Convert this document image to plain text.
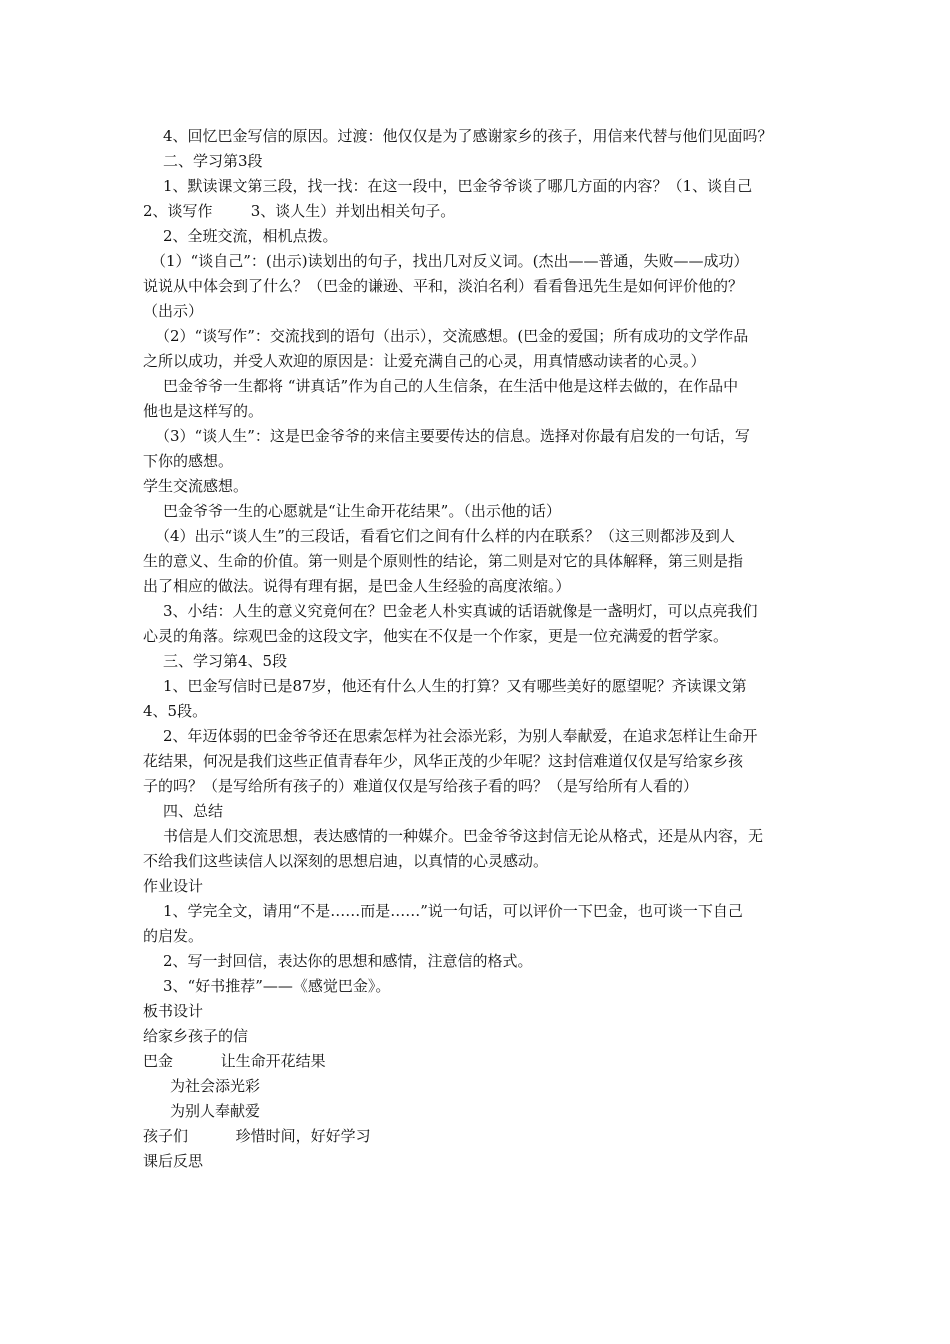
4、回忆巴金写信的原因。过渡：他仅仅是为了感谢家乡的孩子，用信来代替与他们见面吗？
二、学习第3段
1、默读课文第三段，找一找：在这一段中，巴金爷爷谈了哪几方面的内容？（1、谈自己
2、谈写作        3、谈人生）并划出相关句子。
2、全班交流，相机点拨。
（1）“谈自己”：(出示)读划出的句子，找出几对反义词。(杰出——普通，失败——成功）
说说从中体会到了什么？（巴金的谦逊、平和，淡泊名利）看看鲁迅先生是如何评价他的？
（出示）
（2）“谈写作”：交流找到的语句（出示），交流感想。(巴金的爱国；所有成功的文学作品
之所以成功，并受人欢迎的原因是：让爱充满自己的心灵，用真情感动读者的心灵。）
巴金爷爷一生都将 “讲真话”作为自己的人生信条，在生活中他是这样去做的，在作品中
他也是这样写的。
（3）“谈人生”：这是巴金爷爷的来信主要要传达的信息。选择对你最有启发的一句话，写
下你的感想。
学生交流感想。
巴金爷爷一生的心愿就是“让生命开花结果”。（出示他的话）
（4）出示“谈人生”的三段话，看看它们之间有什么样的内在联系？（这三则都涉及到人
生的意义、生命的价值。第一则是个原则性的结论，第二则是对它的具体解释，第三则是指
出了相应的做法。说得有理有据，是巴金人生经验的高度浓缩。）
3、小结：人生的意义究竟何在？巴金老人朴实真诚的话语就像是一盏明灯，可以点亮我们
心灵的角落。综观巴金的这段文字，他实在不仅是一个作家，更是一位充满爱的哲学家。
三、学习第4、5段
1、巴金写信时已是87岁，他还有什么人生的打算？又有哪些美好的愿望呢？齐读课文第
4、5段。
2、年迈体弱的巴金爷爷还在思索怎样为社会添光彩，为别人奉献爱，在追求怎样让生命开
花结果，何况是我们这些正值青春年少，风华正茂的少年呢？这封信难道仅仅是写给家乡孩
子的吗？（是写给所有孩子的）难道仅仅是写给孩子看的吗？（是写给所有人看的）
四、总结
书信是人们交流思想，表达感情的一种媒介。巴金爷爷这封信无论从格式，还是从内容，无
不给我们这些读信人以深刻的思想启迪，以真情的心灵感动。
作业设计
1、学完全文，请用“不是……而是……”说一句话，可以评价一下巴金，也可谈一下自己
的启发。
2、写一封回信，表达你的思想和感情，注意信的格式。
3、“好书推荐”——《感觉巴金》。
板书设计
给家乡孩子的信
巴金          让生命开花结果
为社会添光彩
为别人奉献爱
孩子们          珍惜时间，好好学习
课后反思
